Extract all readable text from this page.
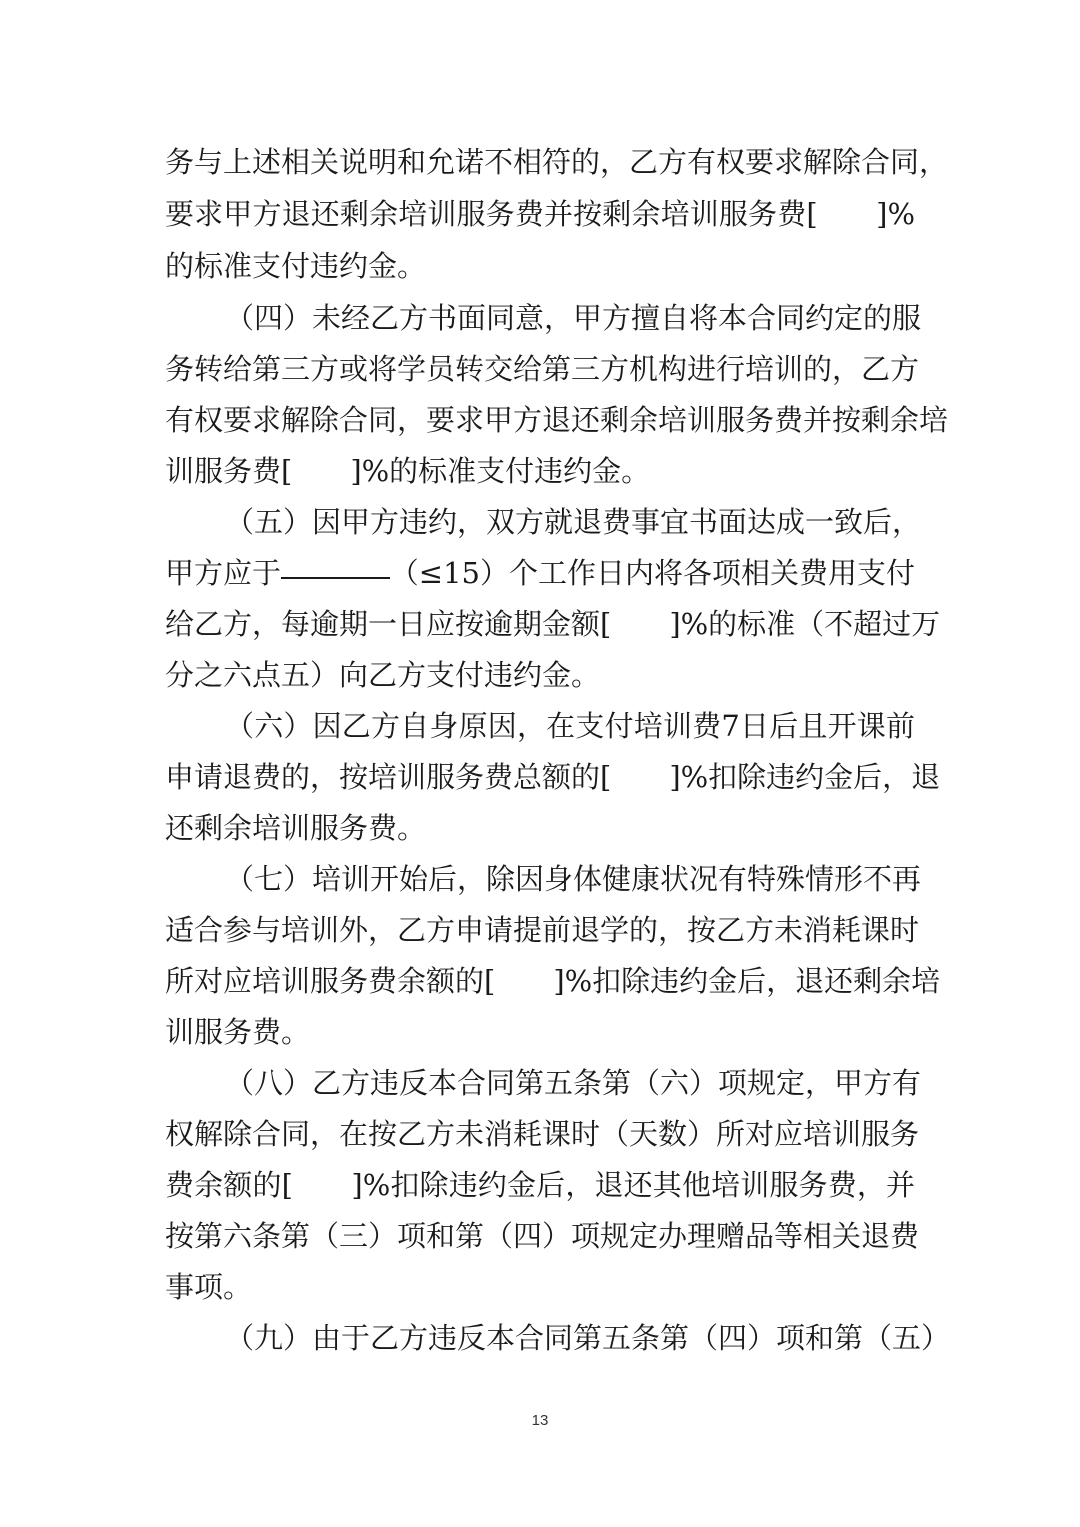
务与上述相关说明和允诺不相符的，乙方有权要求解除合同，
要求甲方退还剩余培训服务费并按剩余培训服务费[　　]%
的标准支付违约金。
（四）未经乙方书面同意，甲方擅自将本合同约定的服
务转给第三方或将学员转交给第三方机构进行培训的，乙方
有权要求解除合同，要求甲方退还剩余培训服务费并按剩余培
训服务费[　　]%的标准支付违约金。
（五）因甲方违约，双方就退费事宜书面达成一致后，
甲方应于	（≤15）个工作日内将各项相关费用支付
给乙方，每逾期一日应按逾期金额[　　]%的标准（不超过万
分之六点五）向乙方支付违约金。
（六）因乙方自身原因，在支付培训费7日后且开课前
申请退费的，按培训服务费总额的[　　]%扣除违约金后，退
还剩余培训服务费。
（七）培训开始后，除因身体健康状况有特殊情形不再
适合参与培训外，乙方申请提前退学的，按乙方未消耗课时
所对应培训服务费余额的[　　]%扣除违约金后，退还剩余培
训服务费。
（八）乙方违反本合同第五条第（六）项规定，甲方有
权解除合同，在按乙方未消耗课时（天数）所对应培训服务
费余额的[　　]%扣除违约金后，退还其他培训服务费，并
按第六条第（三）项和第（四）项规定办理赠品等相关退费
事项。
（九）由于乙方违反本合同第五条第（四）项和第（五）
13
